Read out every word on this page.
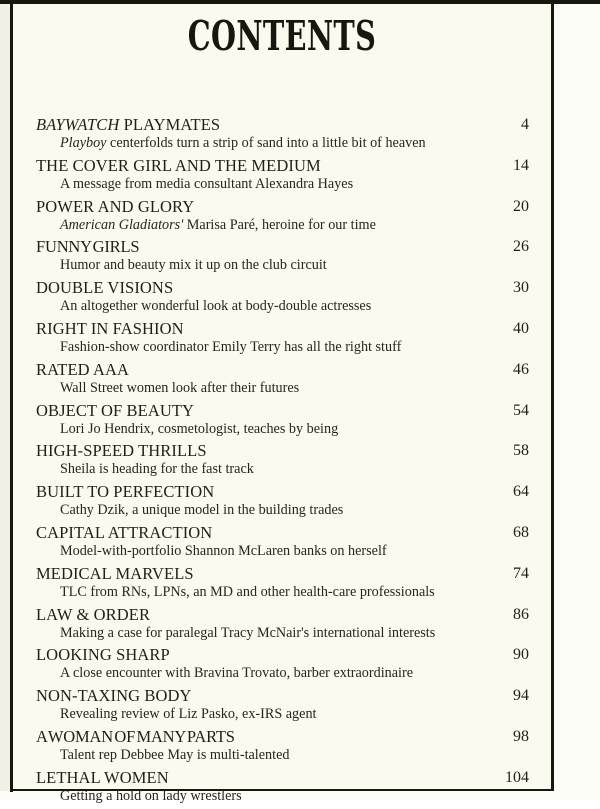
CONTENTS
BAYWATCH PLAYMATES	4
Playboy centerfolds turn a strip of sand into a little bit of heaven
THE COVER GIRL AND THE MEDIUM	14
A message from media consultant Alexandra Hayes
POWER AND GLORY	20
American Gladiators' Marisa Paré, heroine for our time
FUNNY GIRLS	26
Humor and beauty mix it up on the club circuit
DOUBLE VISIONS	30
An altogether wonderful look at body-double actresses
RIGHT IN FASHION	40
Fashion-show coordinator Emily Terry has all the right stuff
RATED AAA	46
Wall Street women look after their futures
OBJECT OF BEAUTY	54
Lori Jo Hendrix, cosmetologist, teaches by being
HIGH-SPEED THRILLS	58
Sheila is heading for the fast track
BUILT TO PERFECTION	64
Cathy Dzik, a unique model in the building trades
CAPITAL ATTRACTION	68
Model-with-portfolio Shannon McLaren banks on herself
MEDICAL MARVELS	74
TLC from RNs, LPNs, an MD and other health-care professionals
LAW & ORDER	86
Making a case for paralegal Tracy McNair's international interests
LOOKING SHARP	90
A close encounter with Bravina Trovato, barber extraordinaire
NON-TAXING BODY	94
Revealing review of Liz Pasko, ex-IRS agent
A WOMAN OF MANY PARTS	98
Talent rep Debbee May is multi-talented
LETHAL WOMEN	104
Getting a hold on lady wrestlers
